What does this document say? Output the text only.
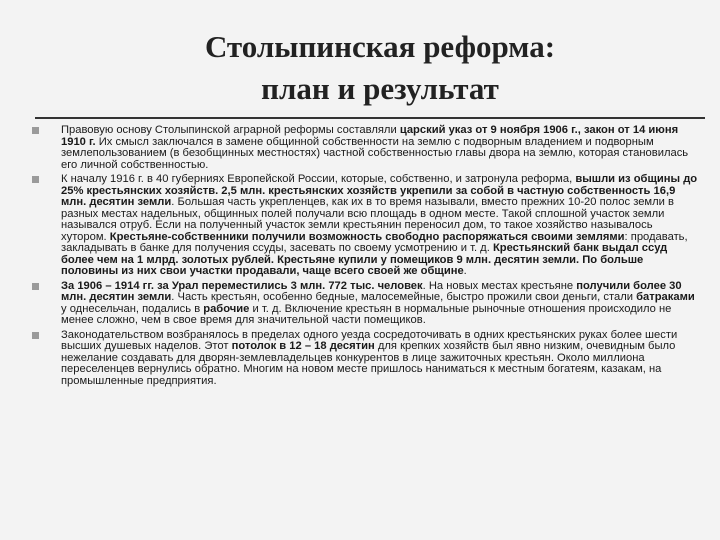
Столыпинская реформа:
план и результат

Правовую основу Столыпинской аграрной реформы составляли царский указ от 9 ноября 1906 г., закон от 14 июня 1910 г. Их смысл заключался в замене общинной собственности на землю с подворным владением и подворным землепользованием (в безобщинных местностях) частной собственностью главы двора на землю, которая становилась его личной собственностью.

К началу 1916 г. в 40 губерниях Европейской России, которые, собственно, и затронула реформа, вышли из общины до 25% крестьянских хозяйств. 2,5 млн. крестьянских хозяйств укрепили за собой в частную собственность 16,9 млн. десятин земли. Большая часть укрепленцев, как их в то время называли, вместо прежних 10-20 полос земли в разных местах надельных, общинных полей получали всю площадь в одном месте. Такой сплошной участок земли назывался отруб. Если на полученный участок земли крестьянин переносил дом, то такое хозяйство называлось хутором. Крестьяне-собственники получили возможность свободно распоряжаться своими землями: продавать, закладывать в банке для получения ссуды, засевать по своему усмотрению и т. д. Крестьянский банк выдал ссуд более чем на 1 млрд. золотых рублей. Крестьяне купили у помещиков 9 млн. десятин земли. По больше половины из них свои участки продавали, чаще всего своей же общине.

За 1906 – 1914 гг. за Урал переместились 3 млн. 772 тыс. человек. На новых местах крестьяне получили более 30 млн. десятин земли. Часть крестьян, особенно бедные, малосемейные, быстро прожили свои деньги, стали батраками у однесельчан, подались в рабочие и т. д. Включение крестьян в нормальные рыночные отношения происходило не менее сложно, чем в свое время для значительной части помещиков.

Законодательством возбранялось в пределах одного уезда сосредоточивать в одних крестьянских руках более шести высших душевых наделов. Этот потолок в 12 – 18 десятин для крепких хозяйств был явно низким, очевидным было нежелание создавать для дворян-землевладельцев конкурентов в лице зажиточных крестьян. Около миллиона переселенцев вернулись обратно. Многим на новом месте пришлось наниматься к местным богатеям, казакам, на промышленные предприятия.
